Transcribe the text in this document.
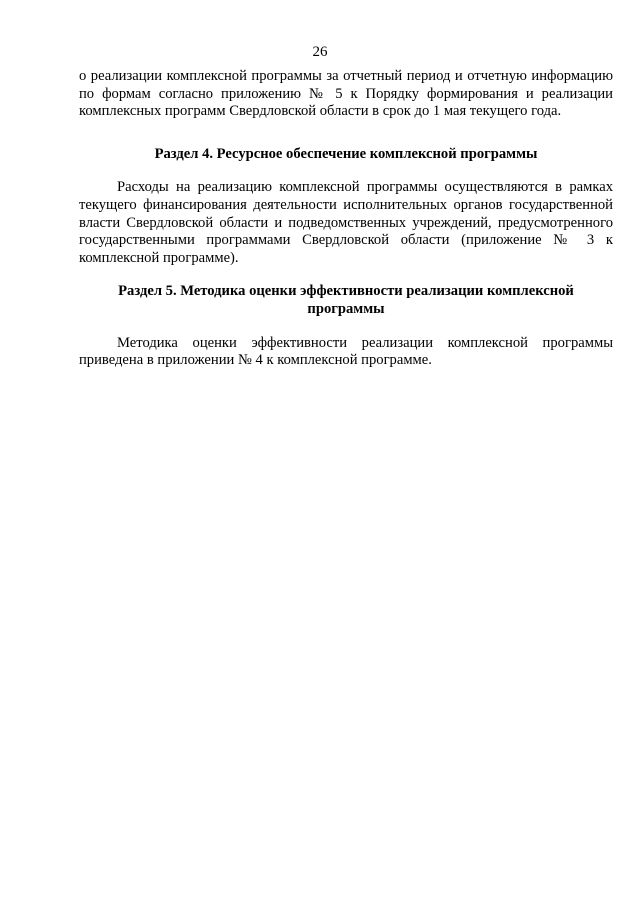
26

о реализации комплексной программы за отчетный период и отчетную информацию по формам согласно приложению № 5 к Порядку формирования и реализации комплексных программ Свердловской области в срок до 1 мая текущего года.

Раздел 4. Ресурсное обеспечение комплексной программы

Расходы на реализацию комплексной программы осуществляются в рамках текущего финансирования деятельности исполнительных органов государственной власти Свердловской области и подведомственных учреждений, предусмотренного государственными программами Свердловской области (приложение № 3 к комплексной программе).

Раздел 5. Методика оценки эффективности реализации комплексной программы

Методика оценки эффективности реализации комплексной программы приведена в приложении № 4 к комплексной программе.
